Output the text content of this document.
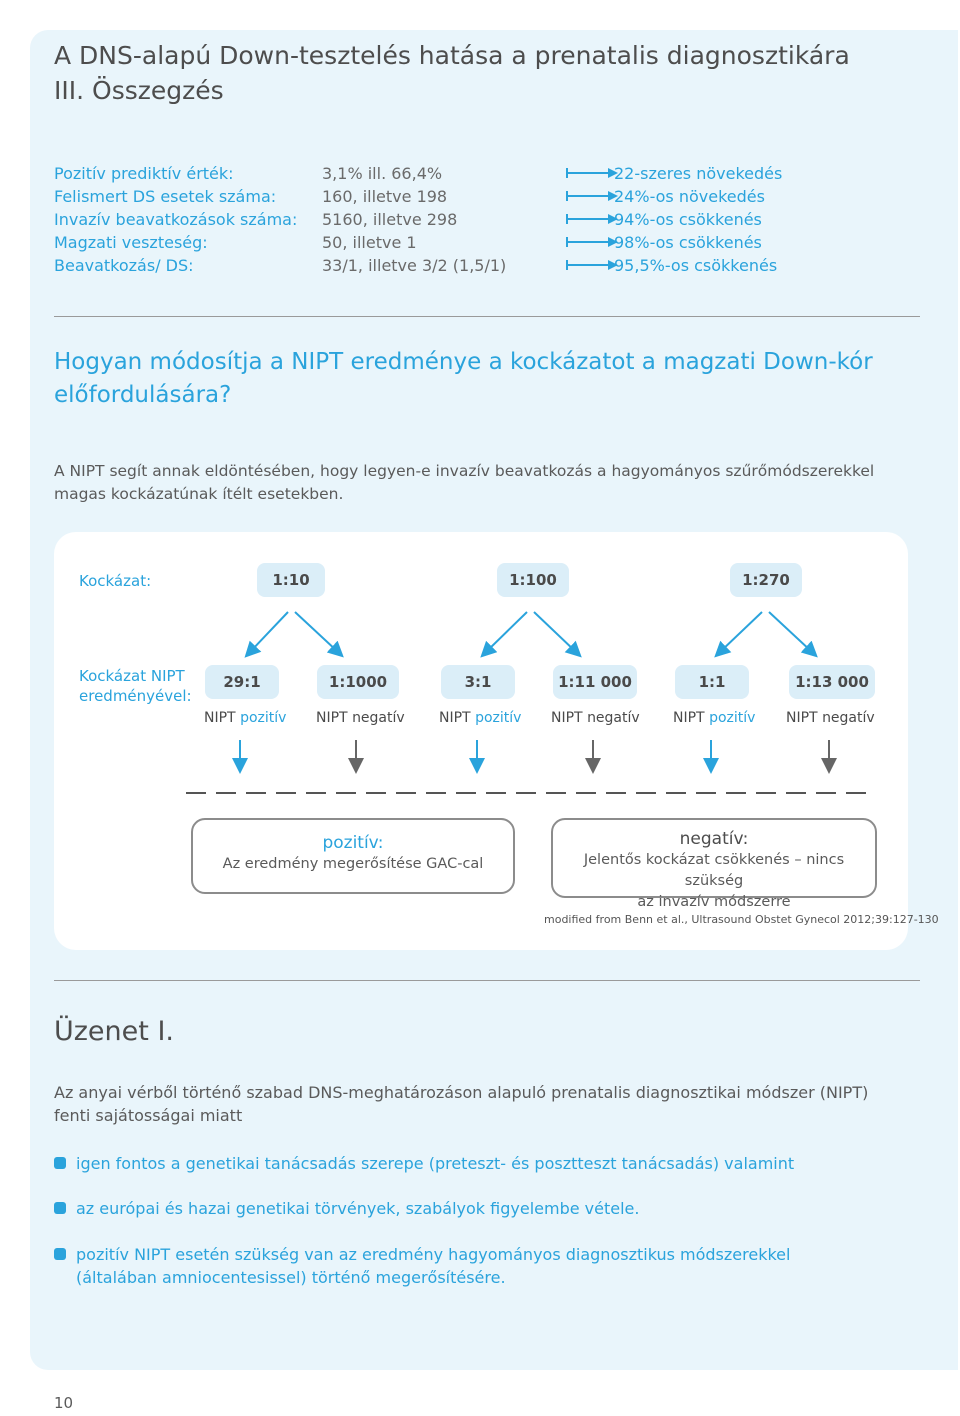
A DNS-alapú Down-tesztelés hatása a prenatalis diagnosztikára III. Összegzés
Pozitív prediktív érték:	3,1% ill. 66,4%	22-szeres növekedés
Felismert DS esetek száma:	160, illetve 198	24%-os növekedés
Invazív beavatkozások száma: 5160, illetve 298	94%-os csökkenés
Magzati veszteség:	50, illetve 1	98%-os csökkenés
Beavatkozás/ DS:	33/1, illetve 3/2 (1,5/1)	95,5%-os csökkenés
Hogyan módosítja a NIPT eredménye a kockázatot a magzati Down-kór előfordulására?
A NIPT segít annak eldöntésében, hogy legyen-e invazív beavatkozás a hagyományos szűrőmódszerekkel magas kockázatúnak ítélt esetekben.
Kockázat:	1:10	1:100	1:270
Kockázat NIPT eredményével:
29:1	1:1000	3:1	1:11 000	1:1	1:13 000
NIPT pozitív NIPT negatív NIPT pozitív NIPT negatív NIPT pozitív NIPT negatív
pozitív:
Az eredmény megerősítése GAC-cal
negatív:
Jelentős kockázat csökkenés – nincs szükség
az invazív módszerre
modified from Benn et al., Ultrasound Obstet Gynecol 2012;39:127-130
Üzenet I.
Az anyai vérből történő szabad DNS-meghatározáson alapuló prenatalis diagnosztikai módszer (NIPT) fenti sajátosságai miatt
igen fontos a genetikai tanácsadás szerepe (preteszt- és posztteszt tanácsadás) valamint
az európai és hazai genetikai törvények, szabályok figyelembe vétele.
pozitív NIPT esetén szükség van az eredmény hagyományos diagnosztikus módszerekkel (általában amniocentesissel) történő megerősítésére.
10
